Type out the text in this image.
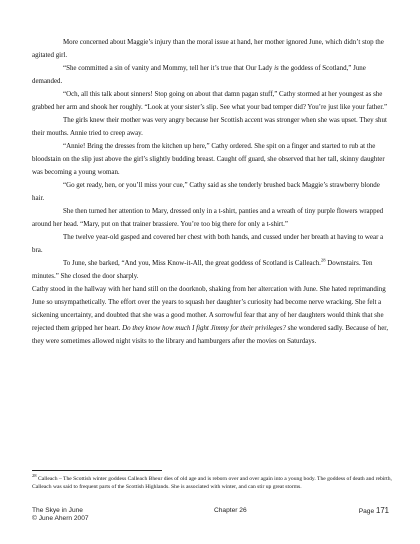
More concerned about Maggie’s injury than the moral issue at hand, her mother ignored June, which didn’t stop the agitated girl.

“She committed a sin of vanity and Mommy, tell her it’s true that Our Lady is the goddess of Scotland,” June demanded.

“Och, all this talk about sinners! Stop going on about that damn pagan stuff,” Cathy stormed at her youngest as she grabbed her arm and shook her roughly. “Look at your sister’s slip. See what your bad temper did? You’re just like your father.”

The girls knew their mother was very angry because her Scottish accent was stronger when she was upset. They shut their mouths. Annie tried to creep away.

“Annie! Bring the dresses from the kitchen up here,” Cathy ordered. She spit on a finger and started to rub at the bloodstain on the slip just above the girl’s slightly budding breast. Caught off guard, she observed that her tall, skinny daughter was becoming a young woman.

“Go get ready, hen, or you’ll miss your cue,” Cathy said as she tenderly brushed back Maggie’s strawberry blonde hair.

She then turned her attention to Mary, dressed only in a t-shirt, panties and a wreath of tiny purple flowers wrapped around her head. “Mary, put on that trainer brassiere. You’re too big there for only a t-shirt.”

The twelve year-old gasped and covered her chest with both hands, and cussed under her breath at having to wear a bra.

To June, she barked, “And you, Miss Know-it-All, the great goddess of Scotland is Calleach.$^{28}$ Downstairs. Ten minutes.” She closed the door sharply.

Cathy stood in the hallway with her hand still on the doorknob, shaking from her altercation with June. She hated reprimanding June so unsympathetically. The effort over the years to squash her daughter’s curiosity had become nerve wracking. She felt a sickening uncertainty, and doubted that she was a good mother. A sorrowful fear that any of her daughters would think that she rejected them gripped her heart. Do they know how much I fight Jimmy for their privileges? she wondered sadly. Because of her, they were sometimes allowed night visits to the library and hamburgers after the movies on Saturdays.

$^{28}$ Calleach – The Scottish winter goddess Calleach Bheur dies of old age and is reborn over and over again into a young body. The goddess of death and rebirth, Calleach was said to frequent parts of the Scottish Highlands. She is associated with winter, and can stir up great storms.
The Skye in June	Chapter 26	Page 171
© June Ahern 2007
